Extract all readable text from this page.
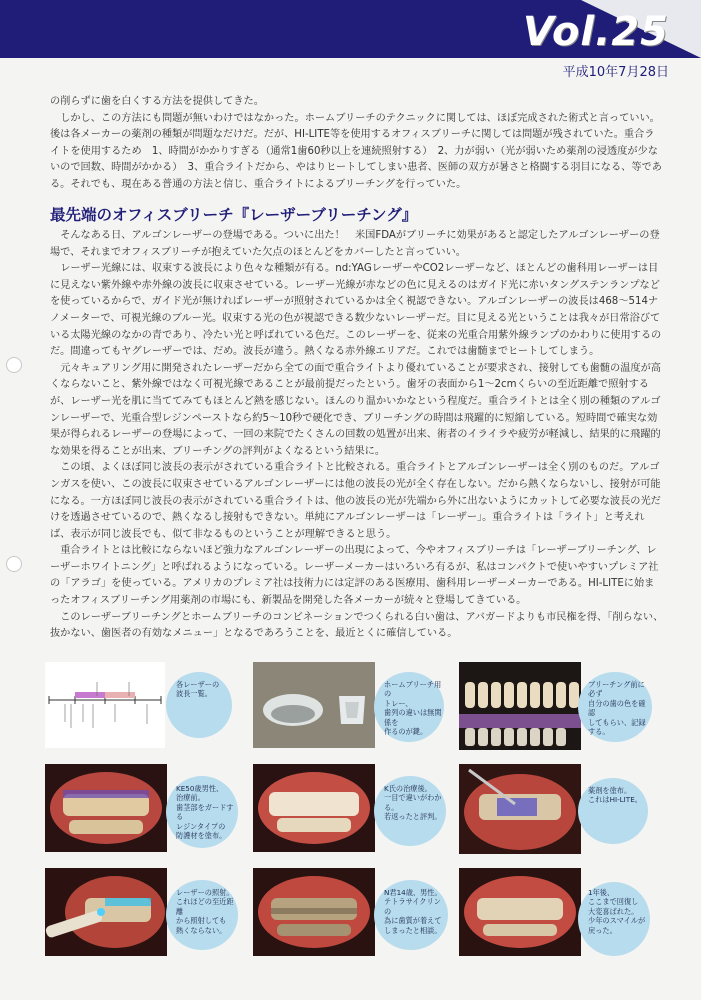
Vol.25
平成10年7月28日

の削らずに歯を白くする方法を提供してきた。

しかし、この方法にも問題が無いわけではなかった。ホームブリーチのテクニックに関しては、ほぼ完成された術式と言っていい。後は各メーカーの薬剤の種類が問題なだけだ。だが、HI-LITE等を使用するオフィスブリーチに関しては問題が残されていた。重合ライトを使用するため　1、時間がかかりすぎる（通常1歯60秒以上を連続照射する）　2、力が弱い（光が弱いため薬剤の浸透度が少ないので回数、時間がかかる）　3、重合ライトだから、やはりヒートしてしまい患者、医師の双方が暑さと格闘する羽目になる、等である。それでも、現在ある普通の方法と信じ、重合ライトによるブリーチングを行っていた。

最先端のオフィスブリーチ『レーザーブリーチング』

そんなある日、アルゴンレーザーの登場である。ついに出た！　米国FDAがブリーチに効果があると認定したアルゴンレーザーの登場で、それまでオフィスブリーチが抱えていた欠点のほとんどをカバーしたと言っていい。

レーザー光線には、収束する波長により色々な種類が有る。nd:YAGレーザーやCO2レーザーなど、ほとんどの歯科用レーザーは目に見えない紫外線や赤外線の波長に収束させている。レーザー光線が赤などの色に見えるのはガイド光に赤いタングステンランプなどを使っているからで、ガイド光が無ければレーザーが照射されているかは全く視認できない。アルゴンレーザーの波長は468～514ナノメーターで、可視光線のブルー光。収束する光の色が視認できる数少ないレーザーだ。目に見える光ということは我々が日常浴びている太陽光線のなかの青であり、冷たい光と呼ばれている色だ。このレーザーを、従来の光重合用紫外線ランプのかわりに使用するのだ。間違ってもヤグレーザーでは、だめ。波長が違う。熱くなる赤外線エリアだ。これでは歯髄までヒートしてしまう。

元々キュアリング用に開発されたレーザーだから全ての面で重合ライトより優れていることが要求され、接射しても歯髄の温度が高くならないこと、紫外線ではなく可視光線であることが最前提だったという。歯牙の表面から1～2cmくらいの至近距離で照射するが、レーザー光を肌に当ててみてもほとんど熱を感じない。ほんのり温かいかなという程度だ。重合ライトとは全く別の種類のアルゴンレーザーで、光重合型レジンペーストなら約5～10秒で硬化でき、ブリーチングの時間は飛躍的に短縮している。短時間で確実な効果が得られるレーザーの登場によって、一回の来院でたくさんの回数の処置が出来、術者のイライラや疲労が軽減し、結果的に飛躍的な効果を得ることが出来、ブリーチングの評判がよくなるという結果に。

この頃、よくほぼ同じ波長の表示がされている重合ライトと比較される。重合ライトとアルゴンレーザーは全く別のものだ。アルゴンガスを使い、この波長に収束させているアルゴンレーザーには他の波長の光が全く存在しない。だから熱くならないし、接射が可能になる。一方ほぼ同じ波長の表示がされている重合ライトは、他の波長の光が先端から外に出ないようにカットして必要な波長の光だけを透過させているので、熱くなるし接射もできない。単純にアルゴンレーザーは「レーザー」。重合ライトは「ライト」と考えれば、表示が同じ波長でも、似て非なるものということが理解できると思う。

重合ライトとは比較にならないほど強力なアルゴンレーザーの出現によって、今やオフィスブリーチは「レーザーブリーチング、レーザーホワイトニング」と呼ばれるようになっている。レーザーメーカーはいろいろ有るが、私はコンパクトで使いやすいプレミア社の「アラゴ」を使っている。アメリカのプレミア社は技術力には定評のある医療用、歯科用レーザーメーカーである。HI-LITEに始まったオフィスブリーチング用薬剤の市場にも、新製品を開発した各メーカーが続々と登場してきている。

このレーザーブリーチングとホームブリーチのコンビネーションでつくられる白い歯は、アバガードよりも市民権を得、「削らない、抜かない、歯医者の有効なメニュー」となるであろうことを、最近とくに確信している。

各レーザーの
波長一覧。
ホームブリーチ用の
トレー、
歯列の違いは無関係を
作るのが鍵。
ブリーチング前に必ず
自分の歯の色を確認
してもらい、記録する。
KE50歳男性、
治療前。
歯茎部をガードする
レジンタイプの
防護材を塗布。
K氏の治療後。
一目で違いがわかる。
若返ったと評判。
薬剤を塗布。
これはHI-LITE。
レーザーの照射。
これほどの至近距離
から照射しても
熱くならない。
N君14歳、男性。
テトラサイクリンの
為に歯質が着えて
しまったと相談。
1年後、
ここまで回復し
大変喜ばれた。
少年のスマイルが
戻った。
